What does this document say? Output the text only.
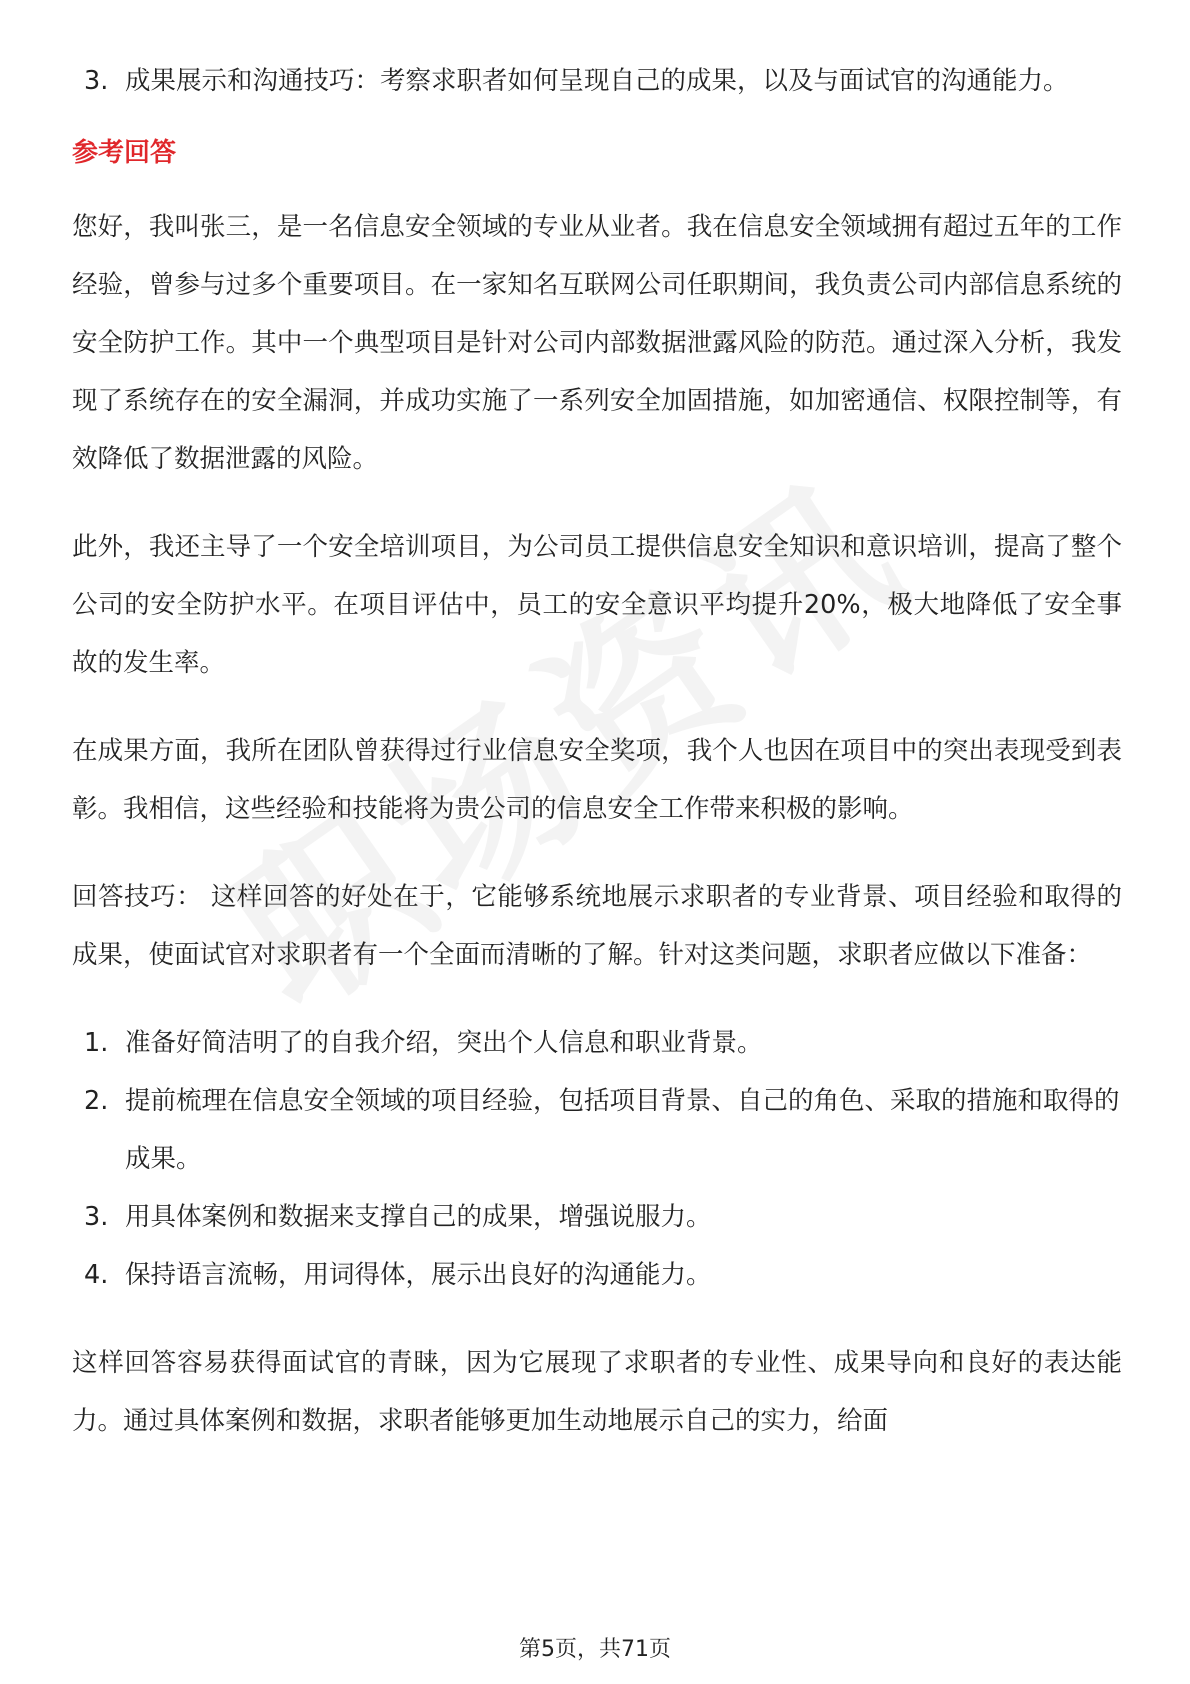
3. 成果展示和沟通技巧：考察求职者如何呈现自己的成果，以及与面试官的沟通能力。
参考回答

您好，我叫张三，是一名信息安全领域的专业从业者。我在信息安全领域拥有超过五年的工作经验，曾参与过多个重要项目。在一家知名互联网公司任职期间，我负责公司内部信息系统的安全防护工作。其中一个典型项目是针对公司内部数据泄露风险的防范。通过深入分析，我发现了系统存在的安全漏洞，并成功实施了一系列安全加固措施，如加密通信、权限控制等，有效降低了数据泄露的风险。

此外，我还主导了一个安全培训项目，为公司员工提供信息安全知识和意识培训，提高了整个公司的安全防护水平。在项目评估中，员工的安全意识平均提升20%，极大地降低了安全事故的发生率。

在成果方面，我所在团队曾获得过行业信息安全奖项，我个人也因在项目中的突出表现受到表彰。我相信，这些经验和技能将为贵公司的信息安全工作带来积极的影响。

回答技巧： 这样回答的好处在于，它能够系统地展示求职者的专业背景、项目经验和取得的成果，使面试官对求职者有一个全面而清晰的了解。针对这类问题，求职者应做以下准备：

1. 准备好简洁明了的自我介绍，突出个人信息和职业背景。
2. 提前梳理在信息安全领域的项目经验，包括项目背景、自己的角色、采取的措施和取得的成果。
3. 用具体案例和数据来支撑自己的成果，增强说服力。
4. 保持语言流畅，用词得体，展示出良好的沟通能力。

这样回答容易获得面试官的青睐，因为它展现了求职者的专业性、成果导向和良好的表达能力。通过具体案例和数据，求职者能够更加生动地展示自己的实力，给面

第5页，共71页
